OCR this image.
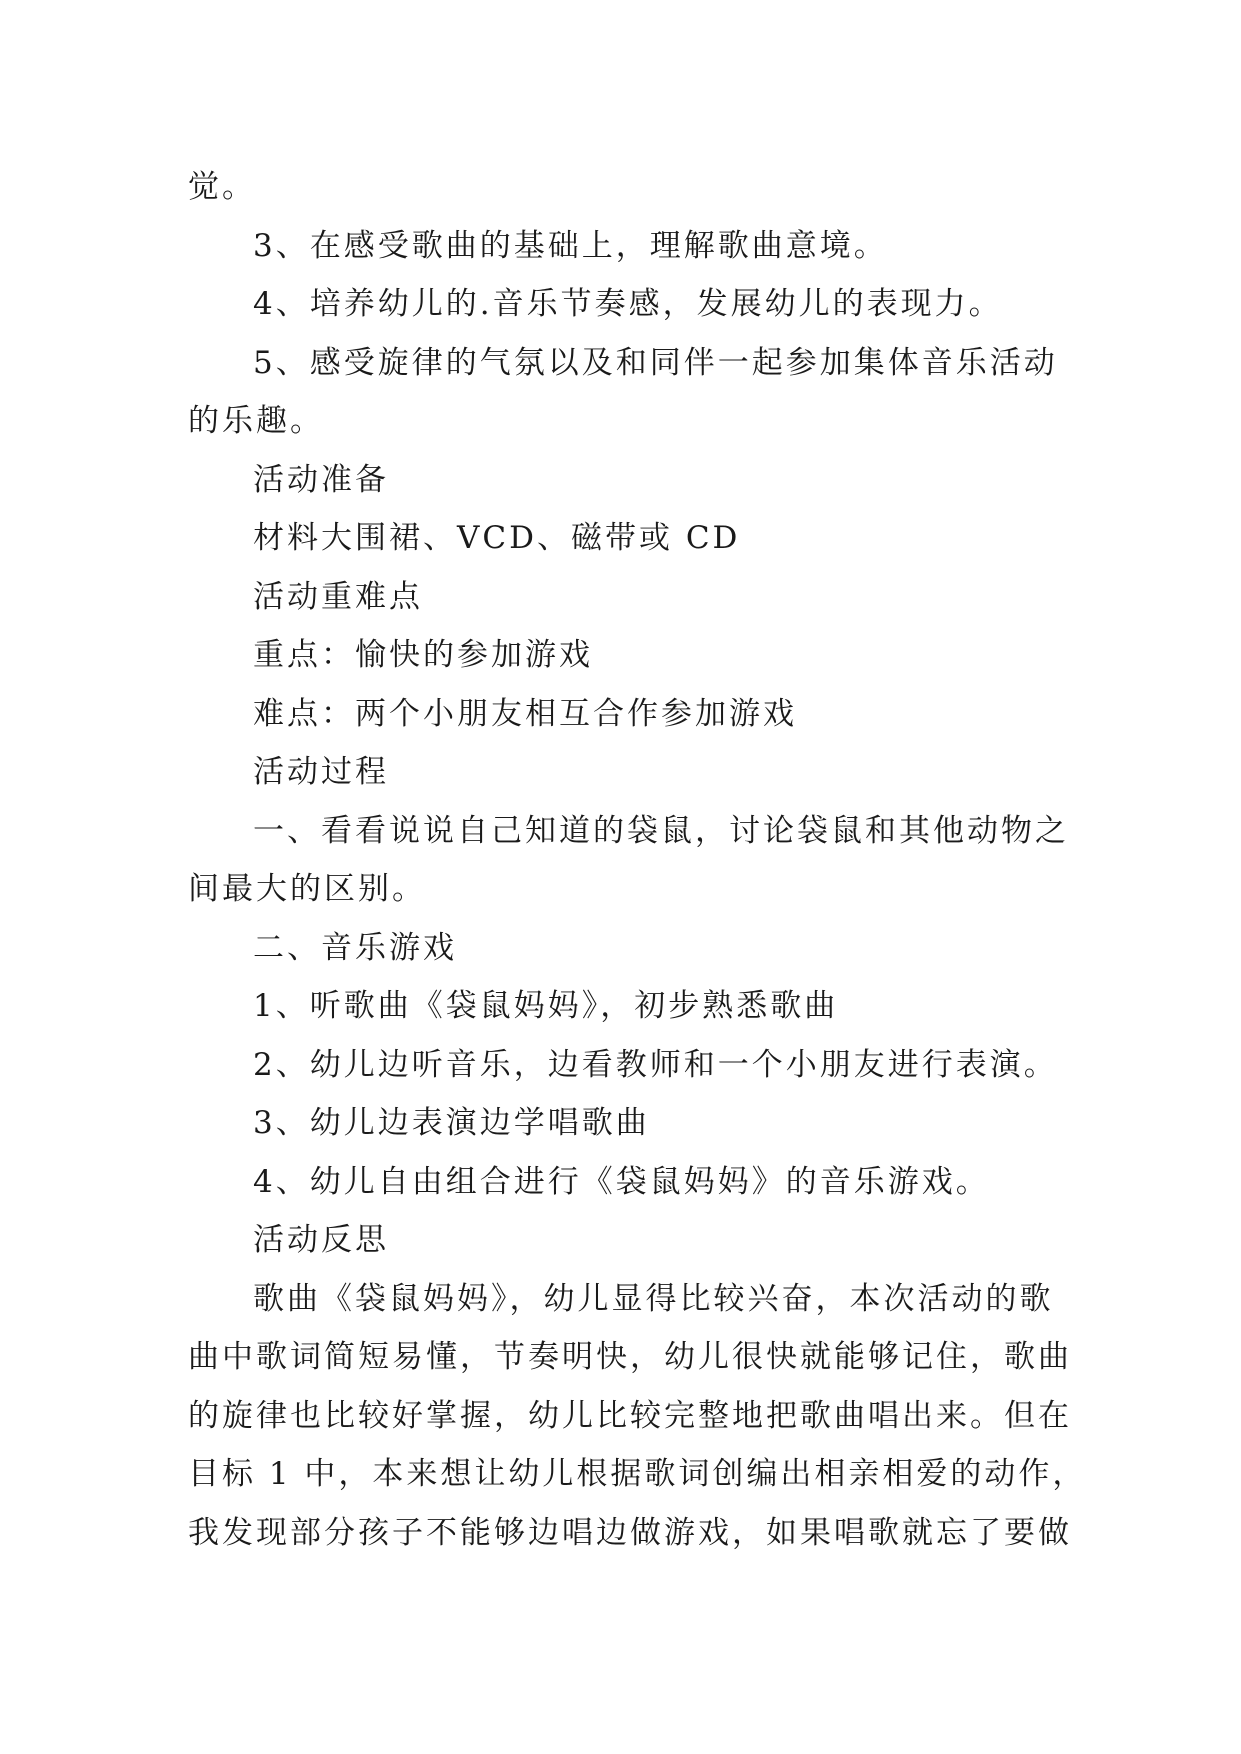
觉。
3、在感受歌曲的基础上，理解歌曲意境。
4、培养幼儿的.音乐节奏感，发展幼儿的表现力。
5、感受旋律的气氛以及和同伴一起参加集体音乐活动
的乐趣。
活动准备
材料大围裙、VCD、磁带或 CD
活动重难点
重点：愉快的参加游戏
难点：两个小朋友相互合作参加游戏
活动过程
一、看看说说自己知道的袋鼠，讨论袋鼠和其他动物之
间最大的区别。
二、音乐游戏
1、听歌曲《袋鼠妈妈》，初步熟悉歌曲
2、幼儿边听音乐，边看教师和一个小朋友进行表演。
3、幼儿边表演边学唱歌曲
4、幼儿自由组合进行《袋鼠妈妈》的音乐游戏。
活动反思
歌曲《袋鼠妈妈》，幼儿显得比较兴奋，本次活动的歌
曲中歌词简短易懂，节奏明快，幼儿很快就能够记住，歌曲
的旋律也比较好掌握，幼儿比较完整地把歌曲唱出来。但在
目标 1 中，本来想让幼儿根据歌词创编出相亲相爱的动作，
我发现部分孩子不能够边唱边做游戏，如果唱歌就忘了要做
